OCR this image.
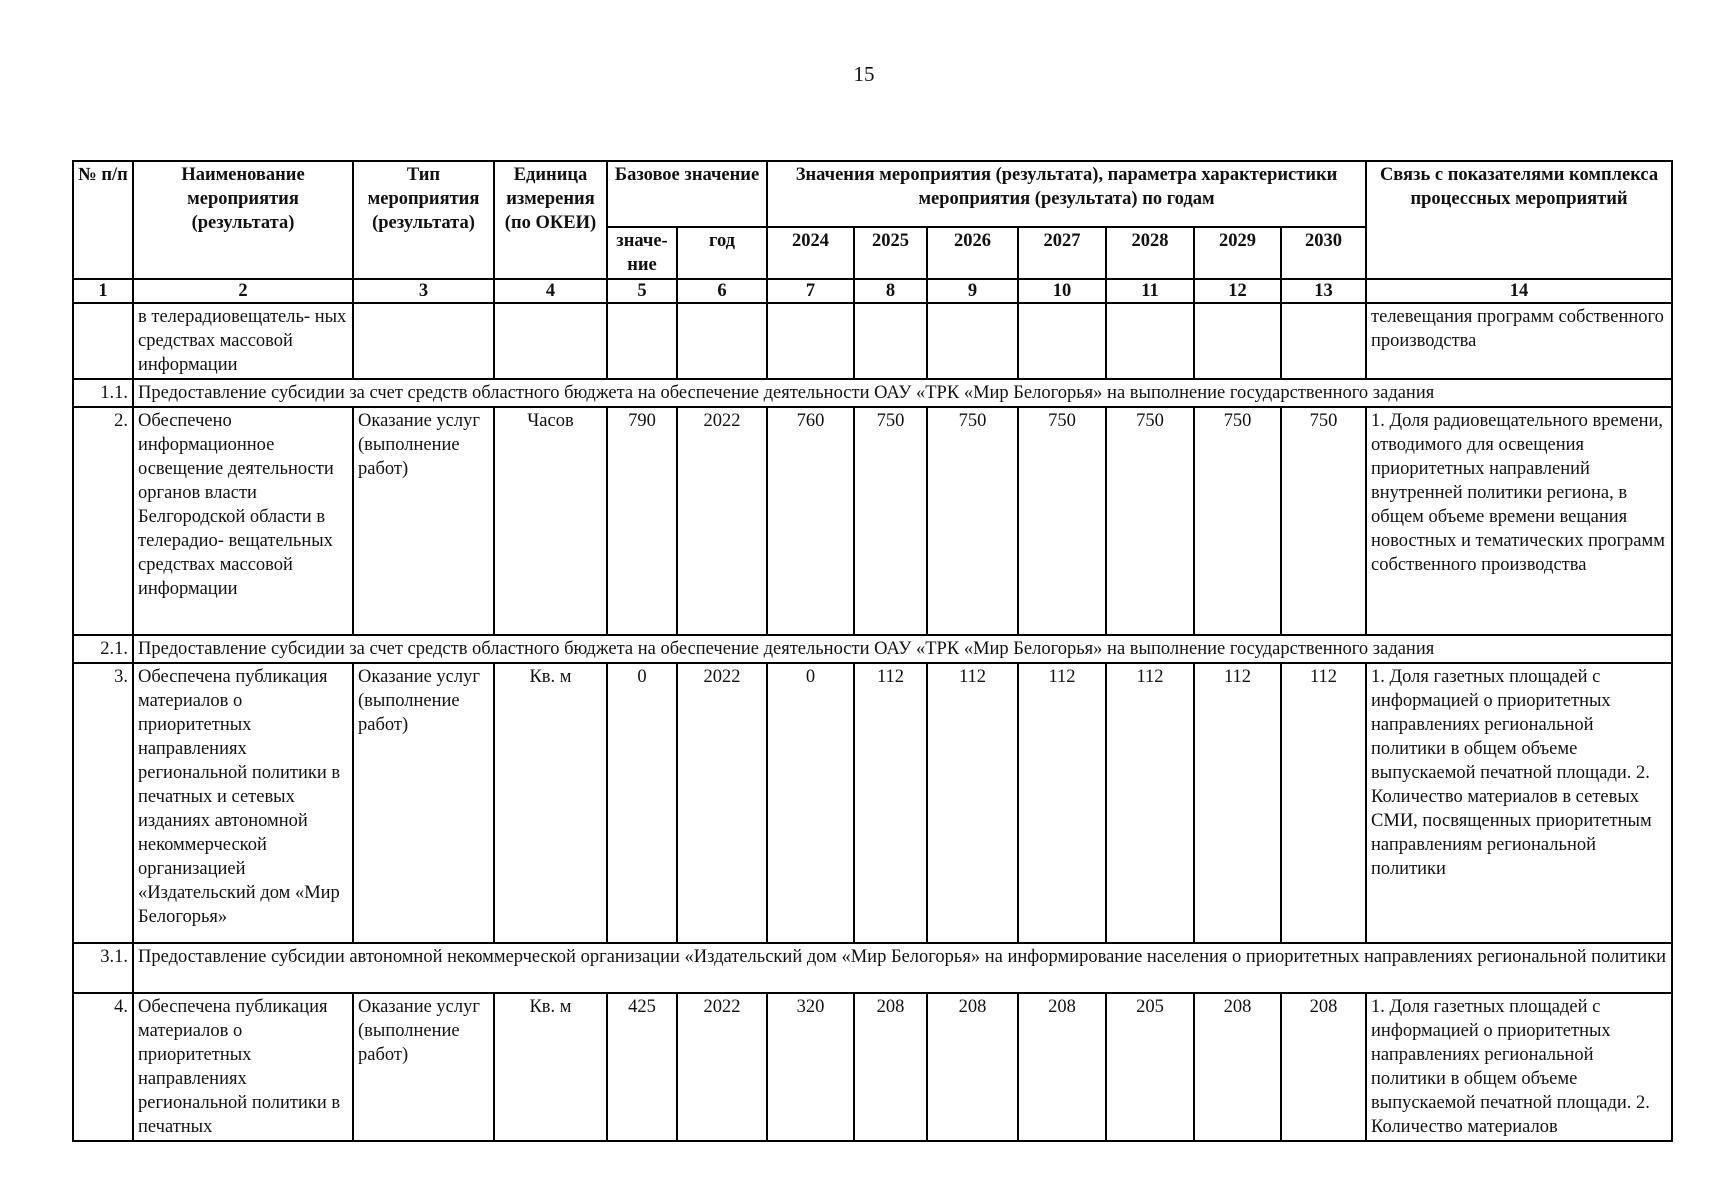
15
№ п/п	Наименование мероприятия (результата)	Тип мероприятия (результата)	Единица измерения (по ОКЕИ)	Базовое значение		Значения мероприятия (результата), параметра характеристики мероприятия (результата) по годам							Связь с показателями комплекса процессных мероприятий
				значе- ние	год	2024	2025	2026	2027	2028	2029	2030	
1	2	3	4	5	6	7	8	9	10	11	12	13	14
	в телерадиовещатель- ных средствах массовой информации												телевещания программ собственного производства
1.1.	Предоставление субсидии за счет средств областного бюджета на обеспечение деятельности ОАУ «ТРК «Мир Белогорья» на выполнение государственного задания												
2.	Обеспечено информационное освещение деятельности органов власти Белгородской области в телерадио- вещательных средствах массовой информации	Оказание услуг (выполнение работ)	Часов	790	2022	760	750	750	750	750	750	750	1. Доля радиовещательного времени, отводимого для освещения приоритетных направлений внутренней политики региона, в общем объеме времени вещания новостных и тематических программ собственного производства
2.1.	Предоставление субсидии за счет средств областного бюджета на обеспечение деятельности ОАУ «ТРК «Мир Белогорья» на выполнение государственного задания												
3.	Обеспечена публикация материалов о приоритетных направлениях региональной политики в печатных и сетевых изданиях автономной некоммерческой организацией «Издательский дом «Мир Белогорья»	Оказание услуг (выполнение работ)	Кв. м	0	2022	0	112	112	112	112	112	112	1. Доля газетных площадей с информацией о приоритетных направлениях региональной политики в общем объеме выпускаемой печатной площади. 2. Количество материалов в сетевых СМИ, посвященных приоритетным направлениям региональной политики
3.1.	Предоставление субсидии автономной некоммерческой организации «Издательский дом «Мир Белогорья» на информирование населения о приоритетных направлениях региональной политики												
4.	Обеспечена публикация материалов о приоритетных направлениях региональной политики в печатных	Оказание услуг (выполнение работ)	Кв. м	425	2022	320	208	208	208	205	208	208	1. Доля газетных площадей с информацией о приоритетных направлениях региональной политики в общем объеме выпускаемой печатной площади. 2. Количество материалов
